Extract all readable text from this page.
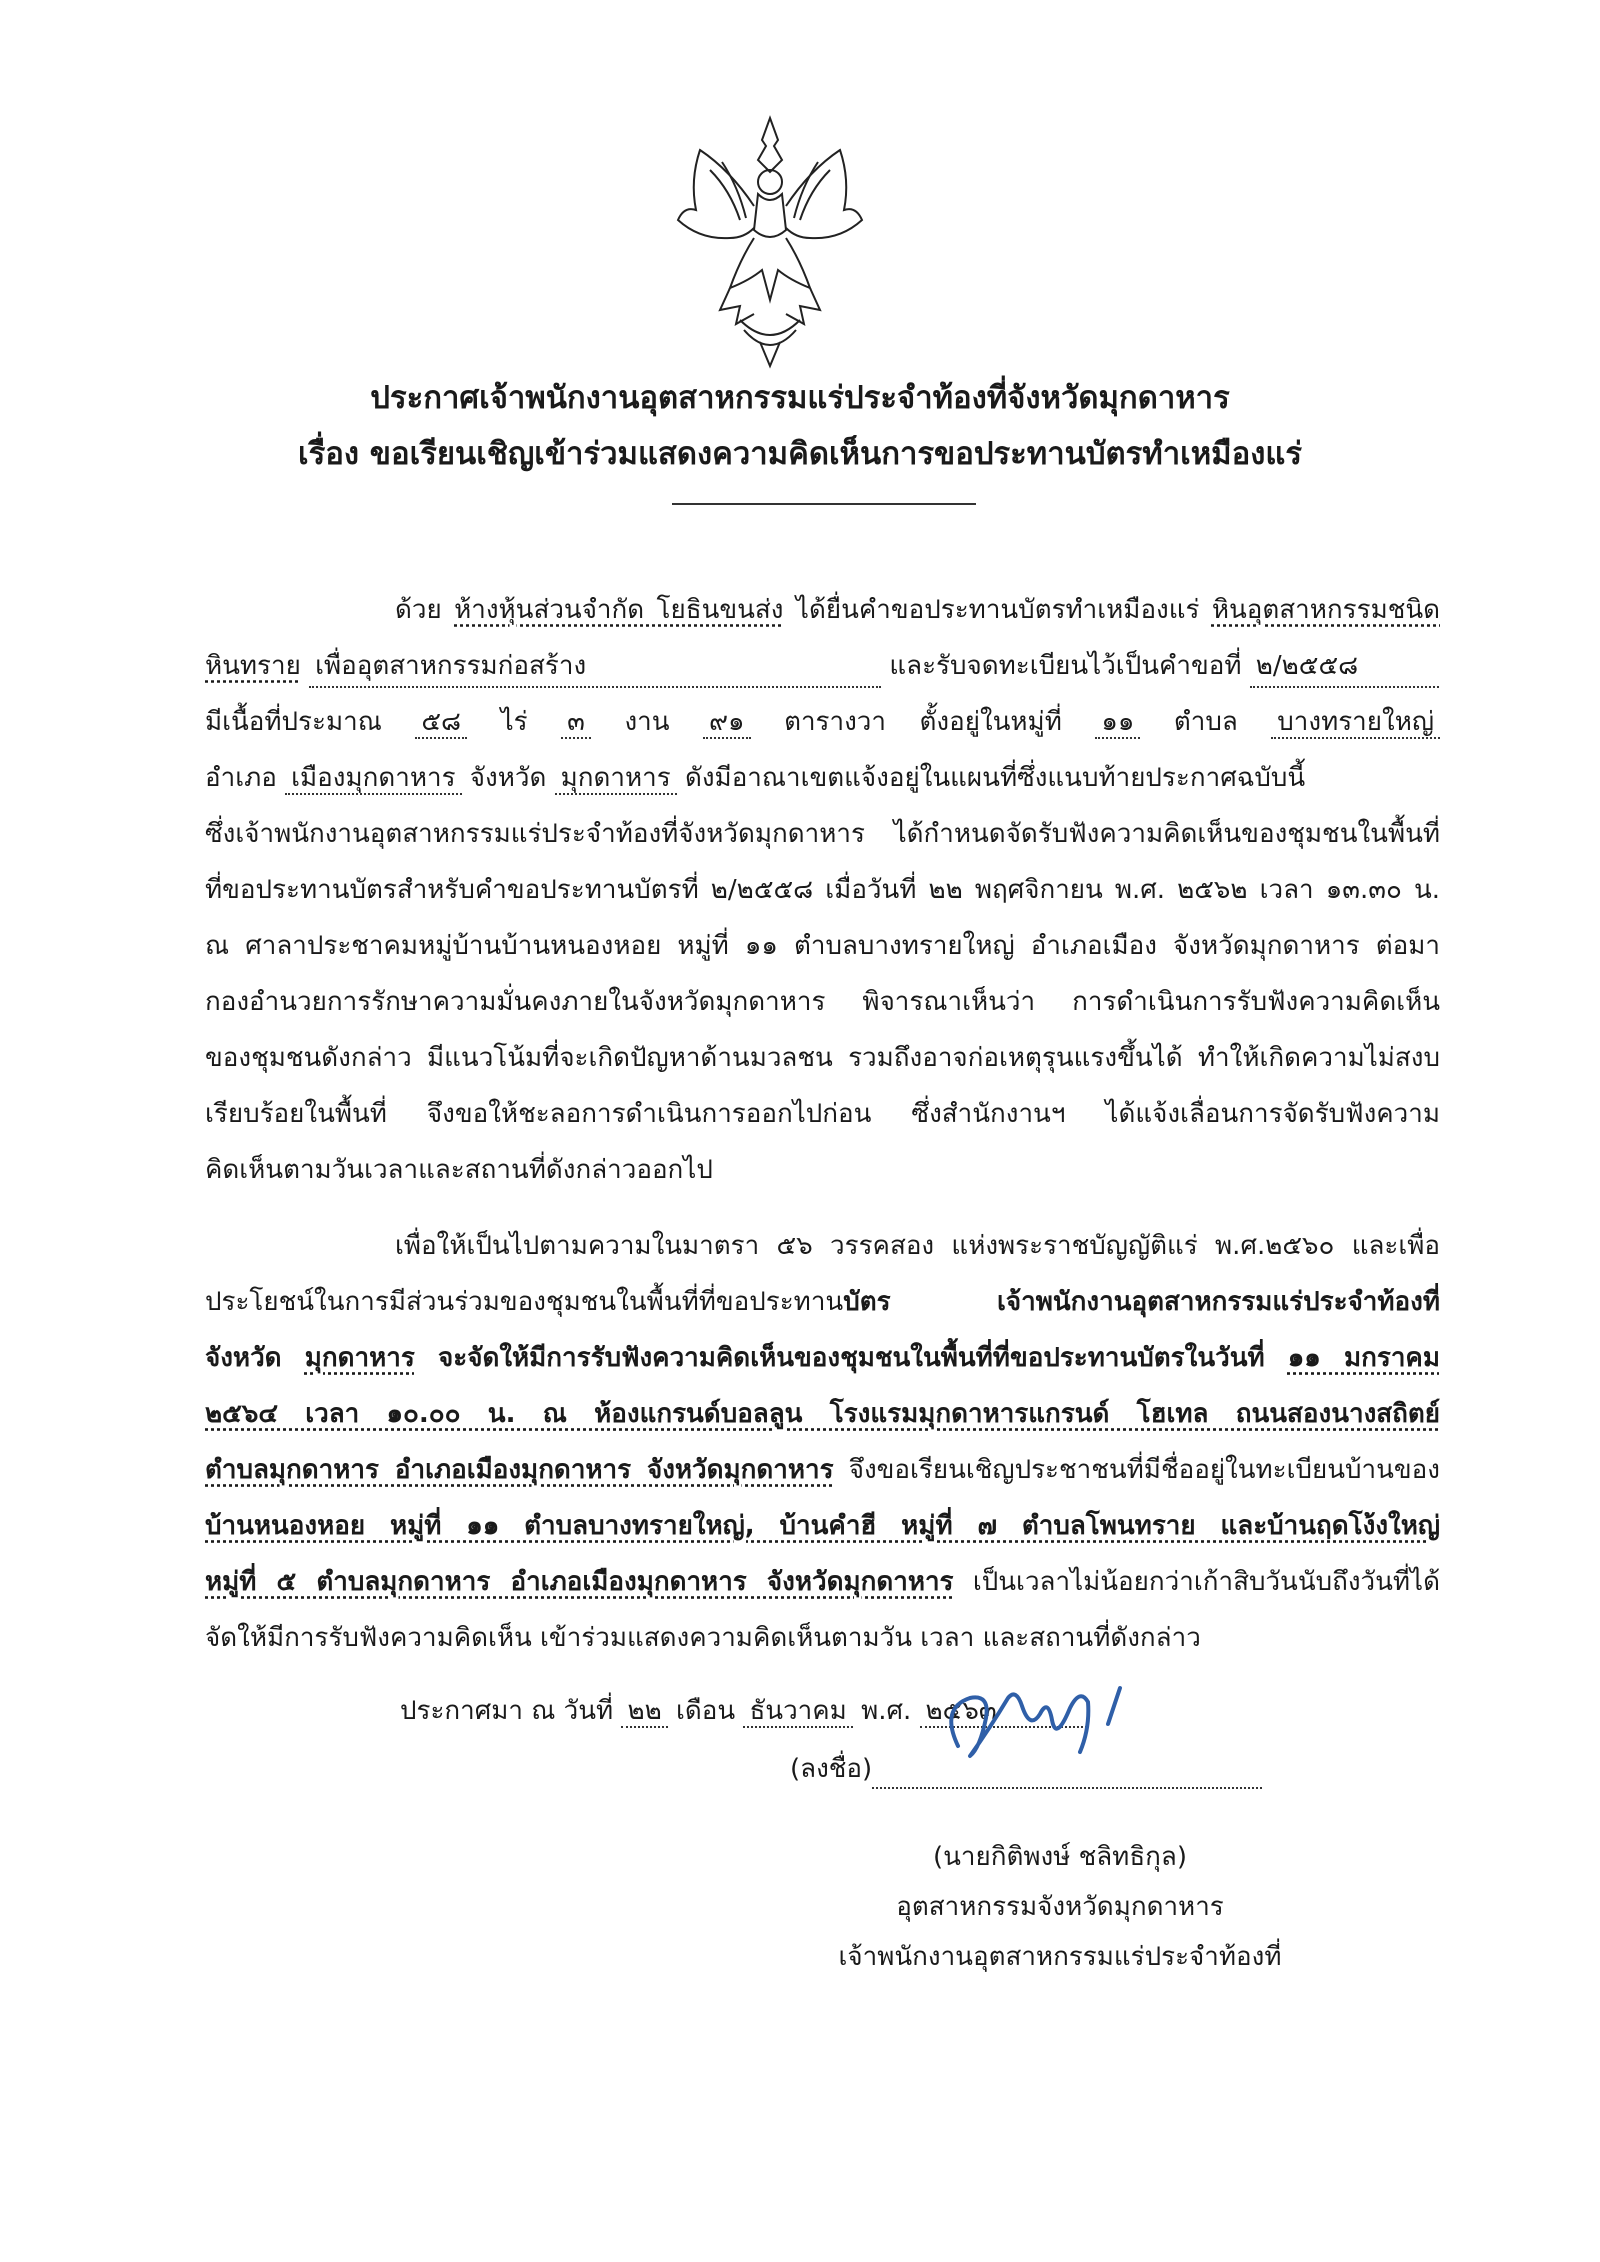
ประกาศเจ้าพนักงานอุตสาหกรรมแร่ประจำท้องที่จังหวัดมุกดาหาร
เรื่อง ขอเรียนเชิญเข้าร่วมแสดงความคิดเห็นการขอประทานบัตรทำเหมืองแร่
ด้วย ห้างหุ้นส่วนจำกัด โยธินขนส่ง ได้ยื่นคำขอประทานบัตรทำเหมืองแร่ หินอุตสาหกรรมชนิด
หินทราย เพื่ออุตสาหกรรมก่อสร้าง	และรับจดทะเบียนไว้เป็นคำขอที่ ๒/๒๕๕๘
มีเนื้อที่ประมาณ ๕๘ ไร่ ๓ งาน ๙๑ ตารางวา ตั้งอยู่ในหมู่ที่ ๑๑ ตำบล บางทรายใหญ่
อำเภอ เมืองมุกดาหาร จังหวัด มุกดาหาร ดังมีอาณาเขตแจ้งอยู่ในแผนที่ซึ่งแนบท้ายประกาศฉบับนี้
ซึ่งเจ้าพนักงานอุตสาหกรรมแร่ประจำท้องที่จังหวัดมุกดาหาร ได้กำหนดจัดรับฟังความคิดเห็นของชุมชนในพื้นที่
ที่ขอประทานบัตรสำหรับคำขอประทานบัตรที่ ๒/๒๕๕๘ เมื่อวันที่ ๒๒ พฤศจิกายน พ.ศ. ๒๕๖๒ เวลา ๑๓.๓๐ น.
ณ ศาลาประชาคมหมู่บ้านบ้านหนองหอย หมู่ที่ ๑๑ ตำบลบางทรายใหญ่ อำเภอเมือง จังหวัดมุกดาหาร ต่อมา
กองอำนวยการรักษาความมั่นคงภายในจังหวัดมุกดาหาร พิจารณาเห็นว่า การดำเนินการรับฟังความคิดเห็น
ของชุมชนดังกล่าว มีแนวโน้มที่จะเกิดปัญหาด้านมวลชน รวมถึงอาจก่อเหตุรุนแรงขึ้นได้ ทำให้เกิดความไม่สงบ
เรียบร้อยในพื้นที่ จึงขอให้ชะลอการดำเนินการออกไปก่อน ซึ่งสำนักงานฯ ได้แจ้งเลื่อนการจัดรับฟังความ
คิดเห็นตามวันเวลาและสถานที่ดังกล่าวออกไป
เพื่อให้เป็นไปตามความในมาตรา ๕๖ วรรคสอง แห่งพระราชบัญญัติแร่ พ.ศ.๒๕๖๐ และเพื่อ
ประโยชน์ในการมีส่วนร่วมของชุมชนในพื้นที่ที่ขอประทานบัตร เจ้าพนักงานอุตสาหกรรมแร่ประจำท้องที่
จังหวัด มุกดาหาร จะจัดให้มีการรับฟังความคิดเห็นของชุมชนในพื้นที่ที่ขอประทานบัตรในวันที่ ๑๑ มกราคม
๒๕๖๔ เวลา ๑๐.๐๐ น. ณ ห้องแกรนด์บอลลูน โรงแรมมุกดาหารแกรนด์ โฮเทล ถนนสองนางสถิตย์
ตำบลมุกดาหาร อำเภอเมืองมุกดาหาร จังหวัดมุกดาหาร จึงขอเรียนเชิญประชาชนที่มีชื่ออยู่ในทะเบียนบ้านของ
บ้านหนองหอย หมู่ที่ ๑๑ ตำบลบางทรายใหญ่, บ้านคำฮี หมู่ที่ ๗ ตำบลโพนทราย และบ้านฤดโง้งใหญ่
หมู่ที่ ๕ ตำบลมุกดาหาร อำเภอเมืองมุกดาหาร จังหวัดมุกดาหาร เป็นเวลาไม่น้อยกว่าเก้าสิบวันนับถึงวันที่ได้
จัดให้มีการรับฟังความคิดเห็น เข้าร่วมแสดงความคิดเห็นตามวัน เวลา และสถานที่ดังกล่าว
ประกาศมา ณ วันที่ ๒๒ เดือน ธันวาคม พ.ศ. ๒๕๖๓
(ลงชื่อ)
(นายกิติพงษ์ ชลิทธิกุล)
อุตสาหกรรมจังหวัดมุกดาหาร
เจ้าพนักงานอุตสาหกรรมแร่ประจำท้องที่
